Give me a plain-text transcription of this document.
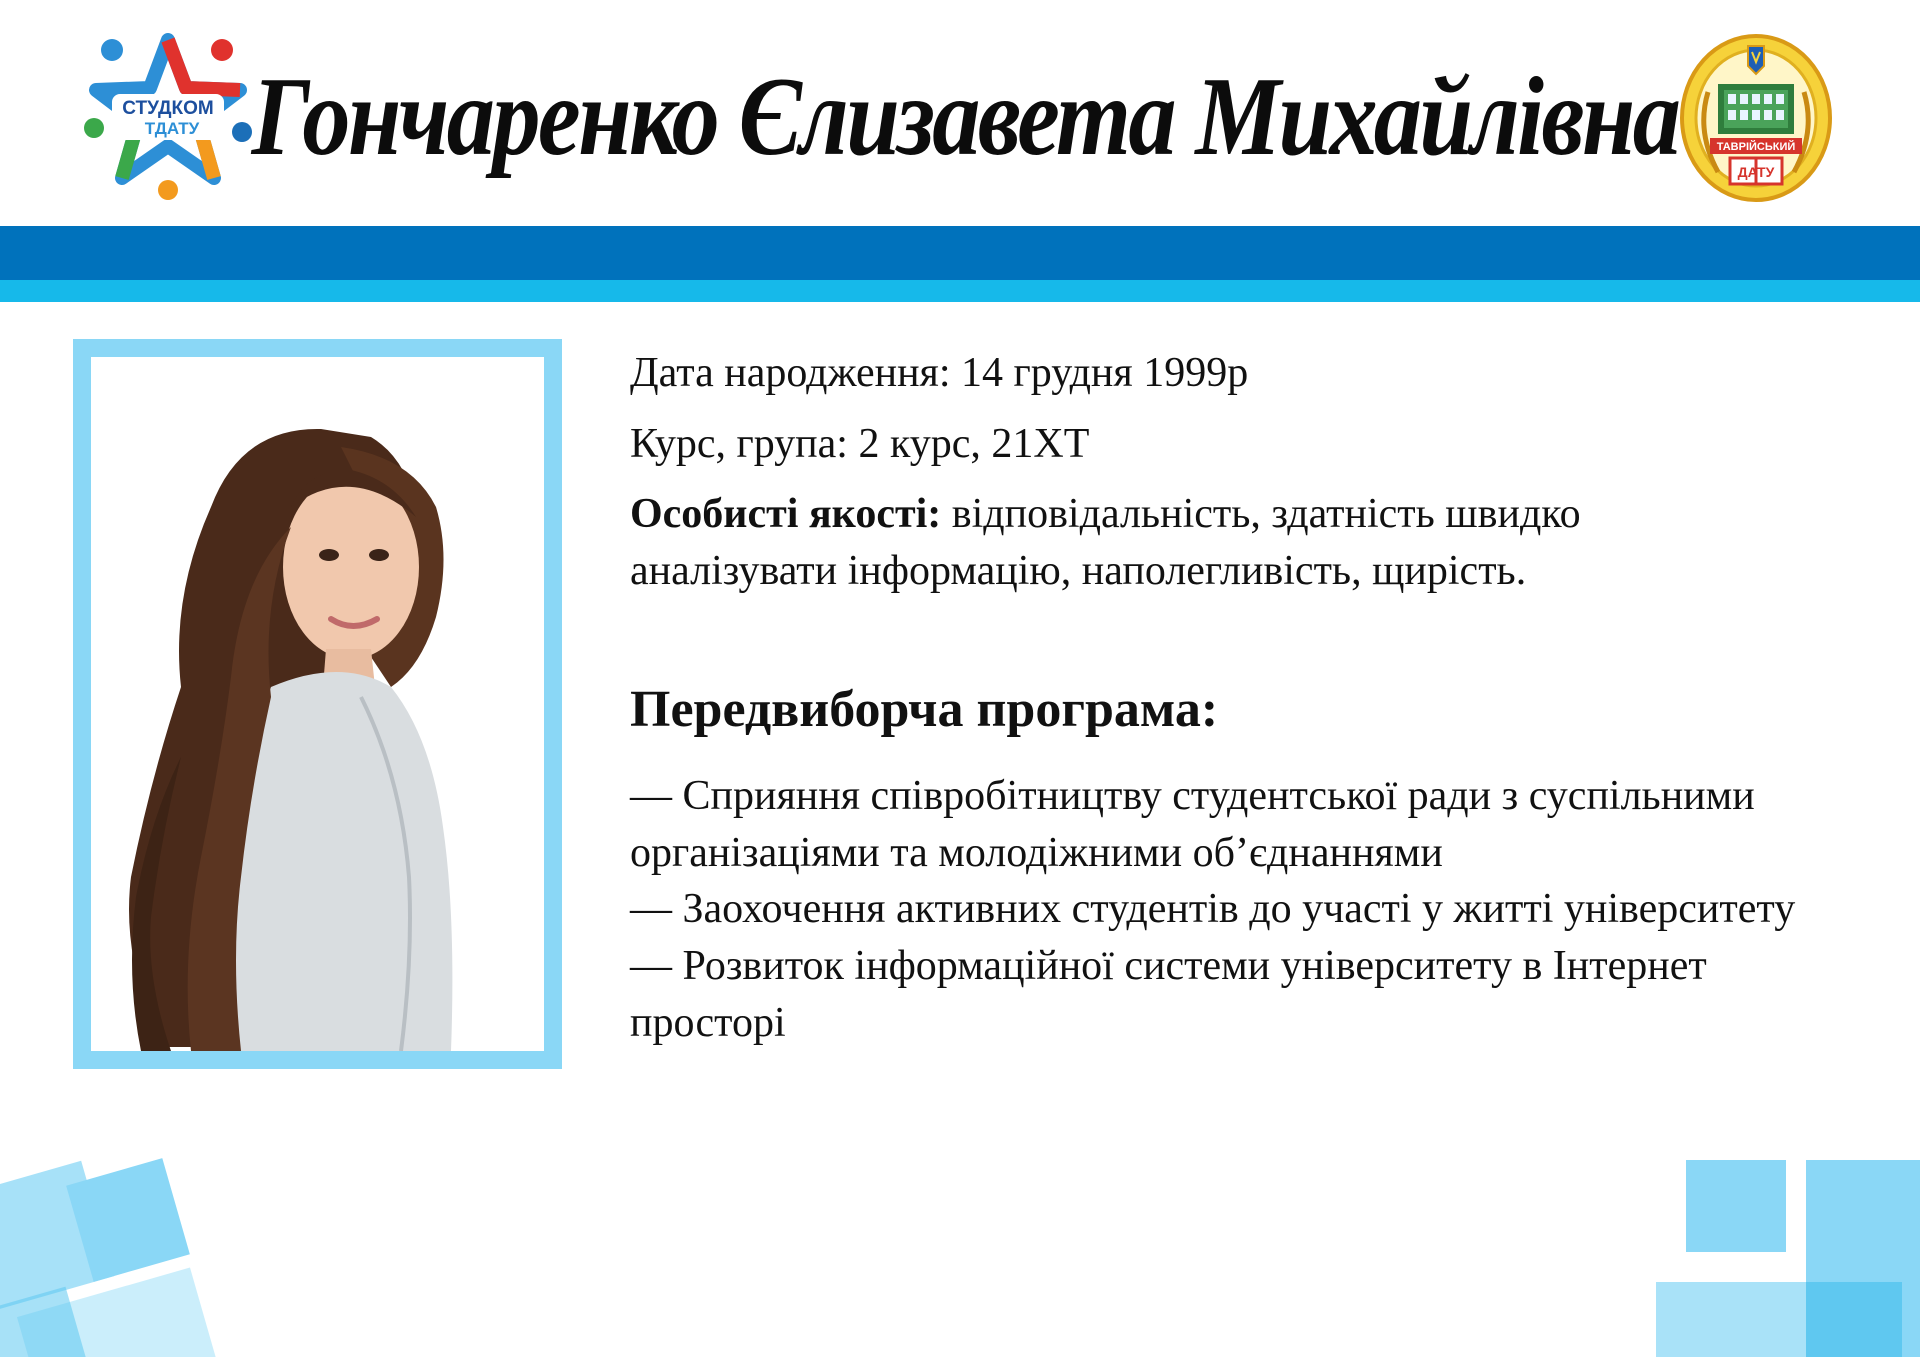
СТУДКОМ
ТДАТУ Гончаренко Єлизавета Михайлівна	ТАВРІЙСЬКИЙ
ДАТУ

Дата народження: 14 грудня 1999р

Курс, група: 2 курс, 21ХТ

Особисті якості: відповідальність, здатність швидко аналізувати інформацію, наполегливість, щирість.

Передвиборча програма:

— Сприяння співробітництву студентської ради з суспільними організаціями та молодіжними об’єднаннями

— Заохочення активних студентів до участі у житті університету

— Розвиток інформаційної системи університету в Інтернет просторі
